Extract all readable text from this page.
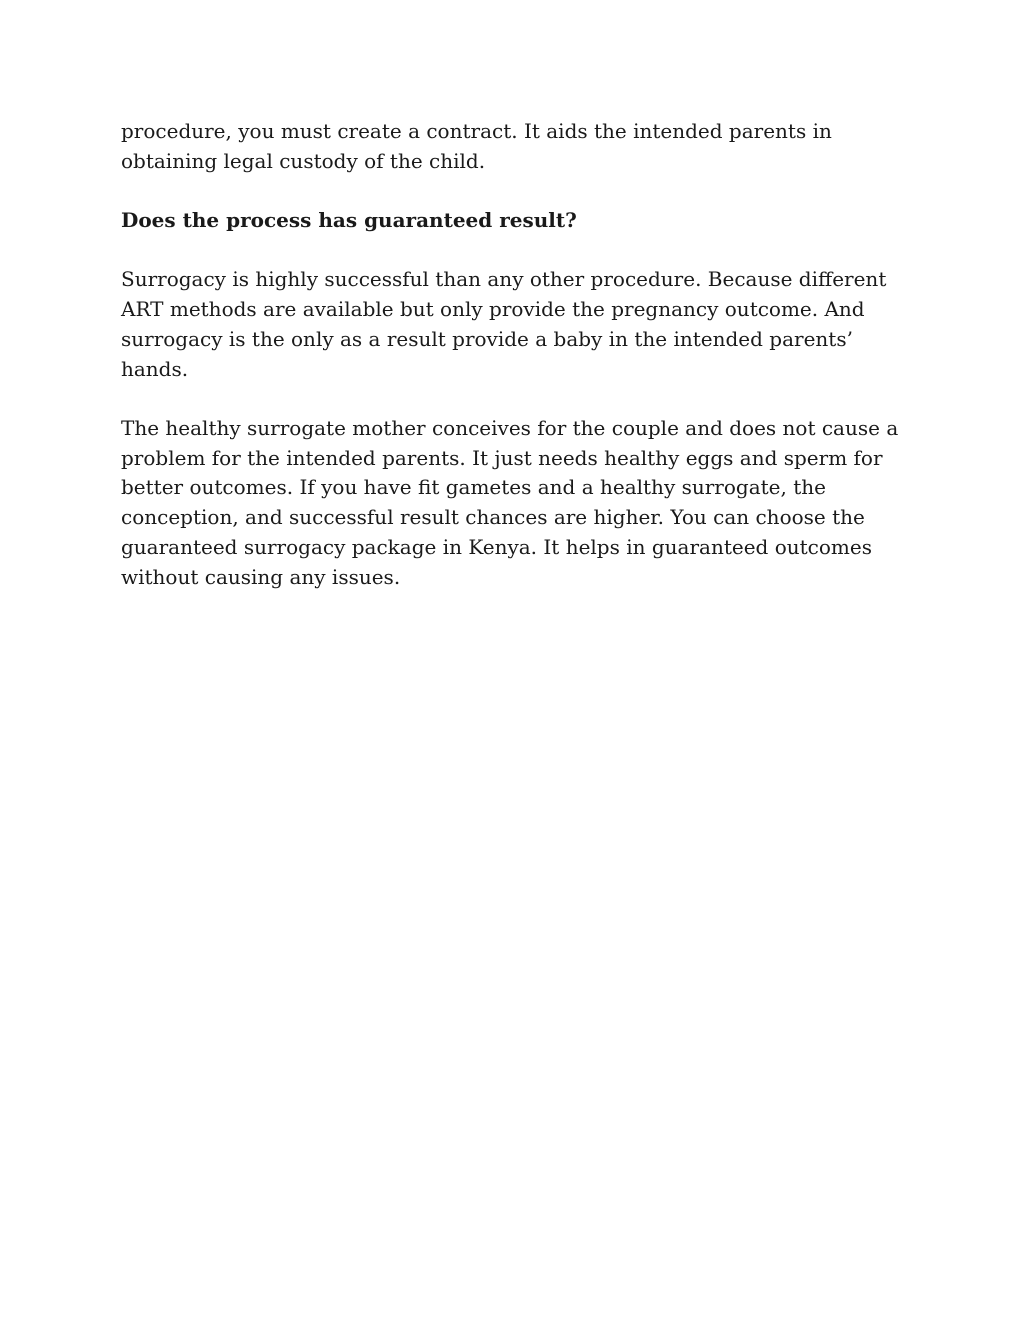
procedure, you must create a contract. It aids the intended parents in obtaining legal custody of the child.

Does the process has guaranteed result?

Surrogacy is highly successful than any other procedure. Because different ART methods are available but only provide the pregnancy outcome. And surrogacy is the only as a result provide a baby in the intended parents’ hands.

The healthy surrogate mother conceives for the couple and does not cause a problem for the intended parents. It just needs healthy eggs and sperm for better outcomes. If you have fit gametes and a healthy surrogate, the conception, and successful result chances are higher. You can choose the guaranteed surrogacy package in Kenya. It helps in guaranteed outcomes without causing any issues.
